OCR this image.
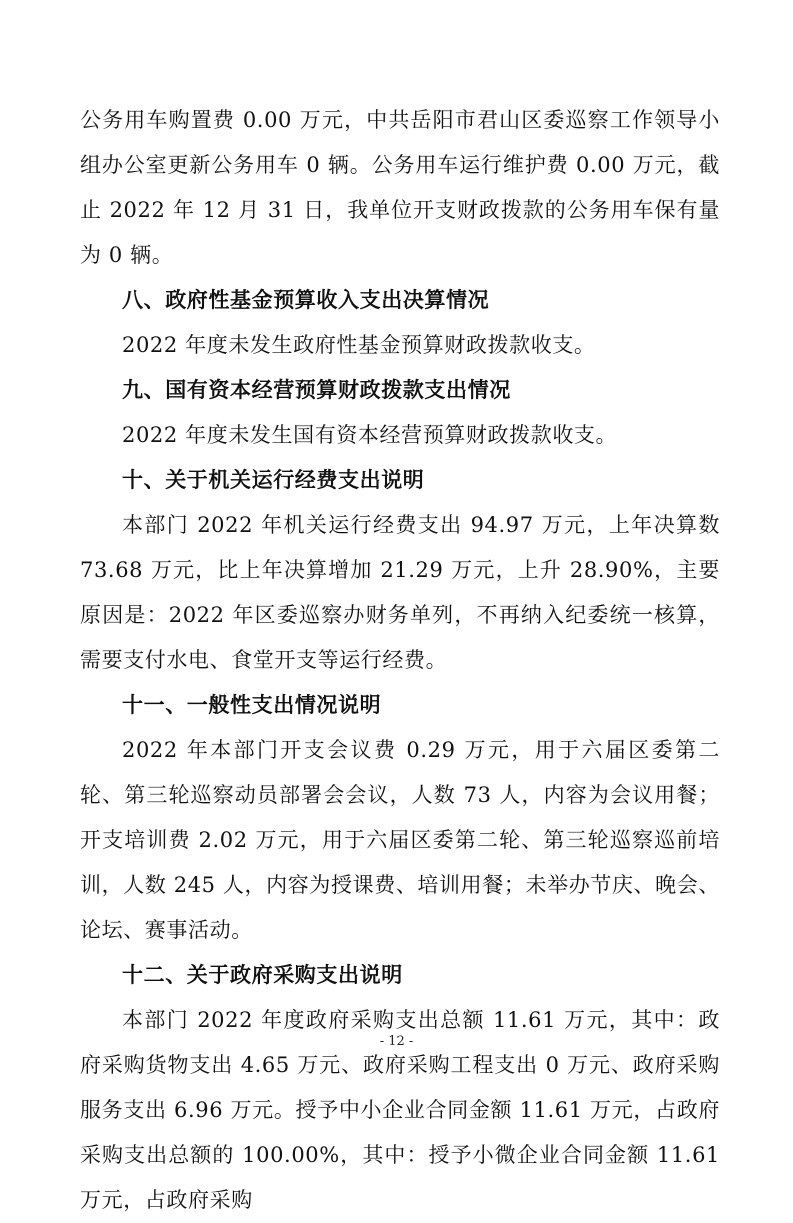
公务用车购置费 0.00 万元，中共岳阳市君山区委巡察工作领导小组办公室更新公务用车 0 辆。公务用车运行维护费 0.00 万元，截止 2022 年 12 月 31 日，我单位开支财政拨款的公务用车保有量为 0 辆。

八、政府性基金预算收入支出决算情况

2022 年度未发生政府性基金预算财政拨款收支。

九、国有资本经营预算财政拨款支出情况

2022 年度未发生国有资本经营预算财政拨款收支。

十、关于机关运行经费支出说明

本部门 2022 年机关运行经费支出 94.97 万元，上年决算数 73.68 万元，比上年决算增加 21.29 万元，上升 28.90%，主要原因是：2022 年区委巡察办财务单列，不再纳入纪委统一核算，需要支付水电、食堂开支等运行经费。

十一、一般性支出情况说明

2022 年本部门开支会议费 0.29 万元，用于六届区委第二轮、第三轮巡察动员部署会会议，人数 73 人，内容为会议用餐；开支培训费 2.02 万元，用于六届区委第二轮、第三轮巡察巡前培训，人数 245 人，内容为授课费、培训用餐；未举办节庆、晚会、论坛、赛事活动。

十二、关于政府采购支出说明

本部门 2022 年度政府采购支出总额 11.61 万元，其中：政府采购货物支出 4.65 万元、政府采购工程支出 0 万元、政府采购服务支出 6.96 万元。授予中小企业合同金额 11.61 万元，占政府采购支出总额的 100.00%，其中：授予小微企业合同金额 11.61 万元，占政府采购

- 12 -
